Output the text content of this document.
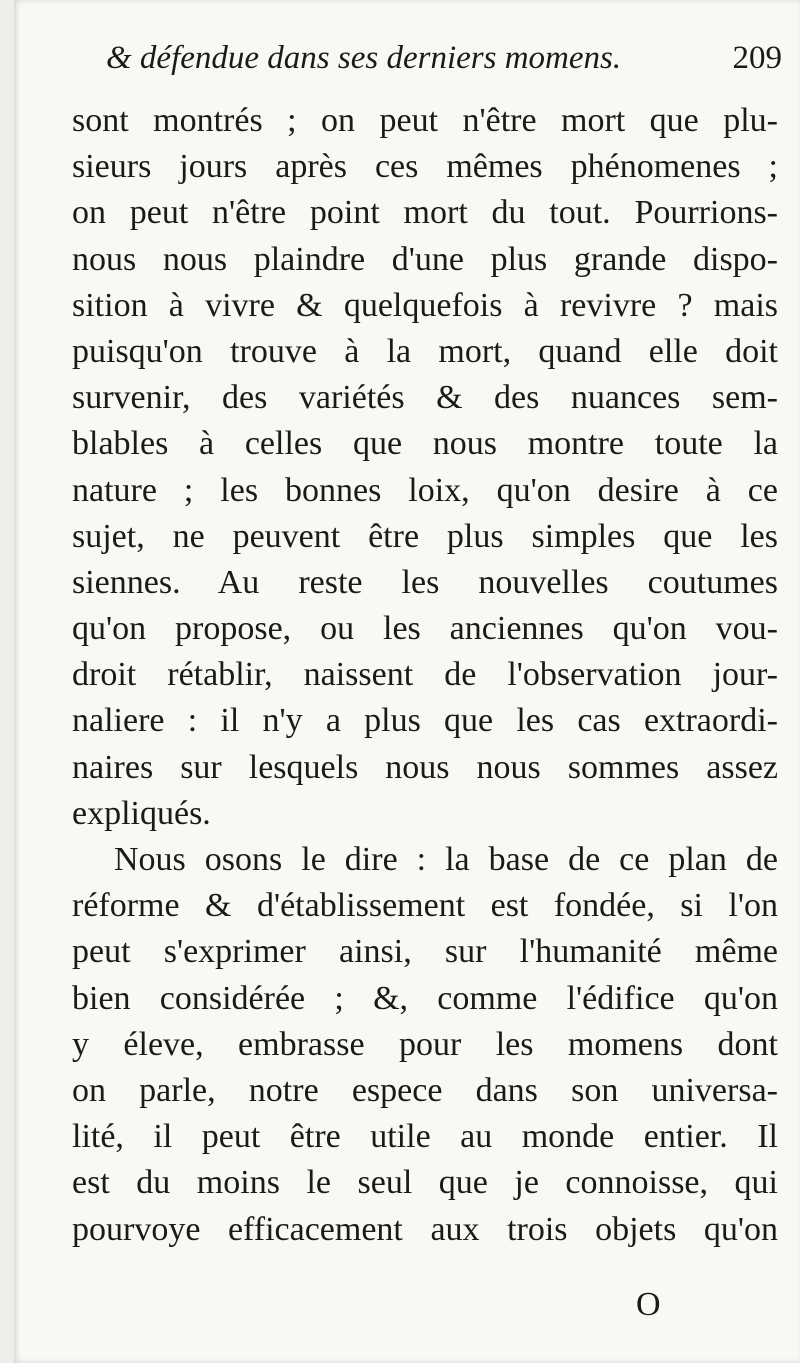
& défendue dans ses derniers momens.	209
sont montrés ; on peut n'être mort que plu-
sieurs jours après ces mêmes phénomenes ;
on peut n'être point mort du tout. Pourrions-
nous nous plaindre d'une plus grande dispo-
sition à vivre & quelquefois à revivre ? mais
puisqu'on trouve à la mort, quand elle doit
survenir, des variétés & des nuances sem-
blables à celles que nous montre toute la
nature ; les bonnes loix, qu'on desire à ce
sujet, ne peuvent être plus simples que les
siennes. Au reste les nouvelles coutumes
qu'on propose, ou les anciennes qu'on vou-
droit rétablir, naissent de l'observation jour-
naliere : il n'y a plus que les cas extraordi-
naires sur lesquels nous nous sommes assez
expliqués.
Nous osons le dire : la base de ce plan de
réforme & d'établissement est fondée, si l'on
peut s'exprimer ainsi, sur l'humanité même
bien considérée ; &, comme l'édifice qu'on
y éleve, embrasse pour les momens dont
on parle, notre espece dans son universa-
lité, il peut être utile au monde entier. Il
est du moins le seul que je connoisse, qui
pourvoye efficacement aux trois objets qu'on
O
